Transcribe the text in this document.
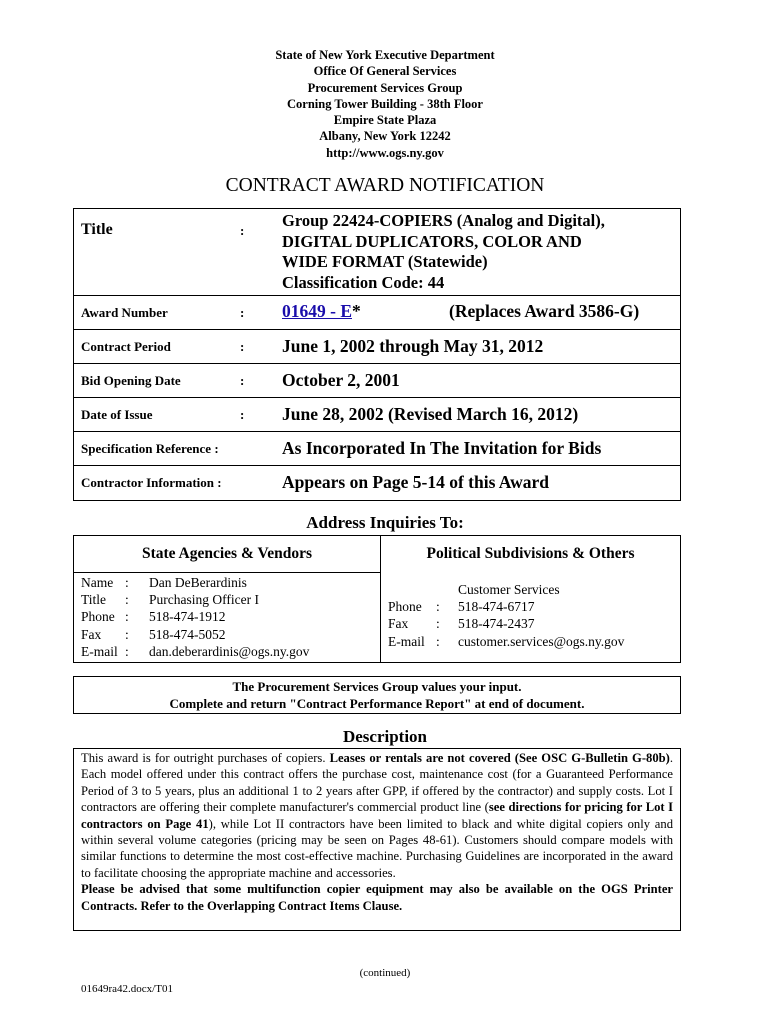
State of New York Executive Department
Office Of General Services
Procurement Services Group
Corning Tower Building - 38th Floor
Empire State Plaza
Albany, New York 12242
http://www.ogs.ny.gov
CONTRACT AWARD NOTIFICATION
Title	:
Group 22424-COPIERS (Analog and Digital),
DIGITAL DUPLICATORS, COLOR AND
WIDE FORMAT (Statewide)
Classification Code: 44
Award Number	: 01649 - E*	(Replaces Award 3586-G)
Contract Period	: June 1, 2002 through May 31, 2012
Bid Opening Date	: October 2, 2001
Date of Issue	: June 28, 2002 (Revised March 16, 2012)
Specification Reference :	As Incorporated In The Invitation for Bids
Contractor Information :	Appears on Page 5-14 of this Award
Address Inquiries To:
State Agencies & Vendors	Political Subdivisions & Others
Name : Dan DeBerardinis
Title : Purchasing Officer I
Phone : 518-474-1912
Fax : 518-474-5052
E-mail : dan.deberardinis@ogs.ny.gov
Customer Services
Phone : 518-474-6717
Fax : 518-474-2437
E-mail : customer.services@ogs.ny.gov
The Procurement Services Group values your input.
Complete and return "Contract Performance Report" at end of document.
Description
This award is for outright purchases of copiers. Leases or rentals are not covered (See OSC G-Bulletin G-80b). Each model offered under this contract offers the purchase cost, maintenance cost (for a Guaranteed Performance Period of 3 to 5 years, plus an additional 1 to 2 years after GPP, if offered by the contractor) and supply costs. Lot I contractors are offering their complete manufacturer's commercial product line (see directions for pricing for Lot I contractors on Page 41), while Lot II contractors have been limited to black and white digital copiers only and within several volume categories (pricing may be seen on Pages 48-61). Customers should compare models with similar functions to determine the most cost-effective machine. Purchasing Guidelines are incorporated in the award to facilitate choosing the appropriate machine and accessories.
Please be advised that some multifunction copier equipment may also be available on the OGS Printer Contracts. Refer to the Overlapping Contract Items Clause.
(continued)
01649ra42.docx/T01
